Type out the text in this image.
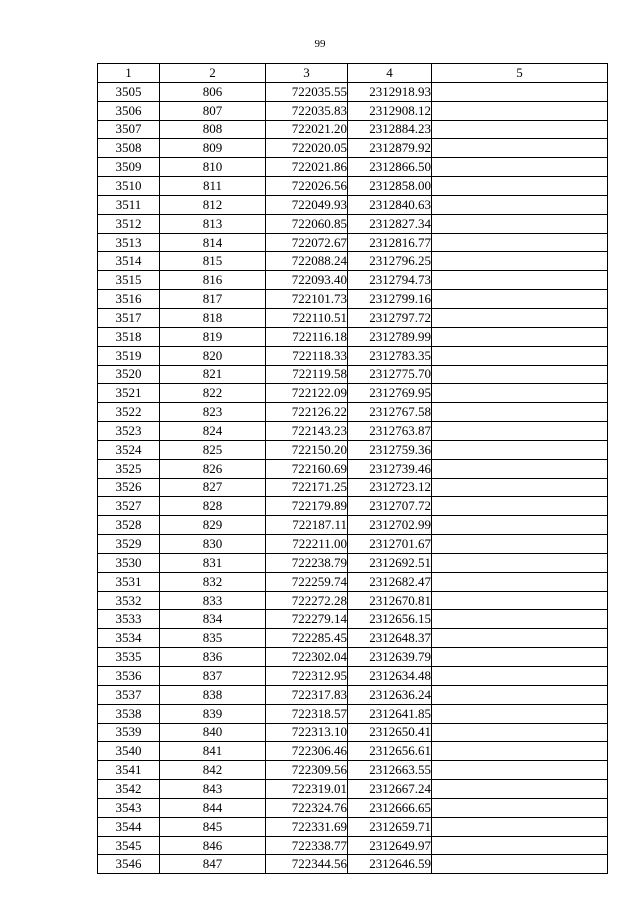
99
1	2	3	4	5
3505	806	722035.55	2312918.93	
3506	807	722035.83	2312908.12	
3507	808	722021.20	2312884.23	
3508	809	722020.05	2312879.92	
3509	810	722021.86	2312866.50	
3510	811	722026.56	2312858.00	
3511	812	722049.93	2312840.63	
3512	813	722060.85	2312827.34	
3513	814	722072.67	2312816.77	
3514	815	722088.24	2312796.25	
3515	816	722093.40	2312794.73	
3516	817	722101.73	2312799.16	
3517	818	722110.51	2312797.72	
3518	819	722116.18	2312789.99	
3519	820	722118.33	2312783.35	
3520	821	722119.58	2312775.70	
3521	822	722122.09	2312769.95	
3522	823	722126.22	2312767.58	
3523	824	722143.23	2312763.87	
3524	825	722150.20	2312759.36	
3525	826	722160.69	2312739.46	
3526	827	722171.25	2312723.12	
3527	828	722179.89	2312707.72	
3528	829	722187.11	2312702.99	
3529	830	722211.00	2312701.67	
3530	831	722238.79	2312692.51	
3531	832	722259.74	2312682.47	
3532	833	722272.28	2312670.81	
3533	834	722279.14	2312656.15	
3534	835	722285.45	2312648.37	
3535	836	722302.04	2312639.79	
3536	837	722312.95	2312634.48	
3537	838	722317.83	2312636.24	
3538	839	722318.57	2312641.85	
3539	840	722313.10	2312650.41	
3540	841	722306.46	2312656.61	
3541	842	722309.56	2312663.55	
3542	843	722319.01	2312667.24	
3543	844	722324.76	2312666.65	
3544	845	722331.69	2312659.71	
3545	846	722338.77	2312649.97	
3546	847	722344.56	2312646.59	
